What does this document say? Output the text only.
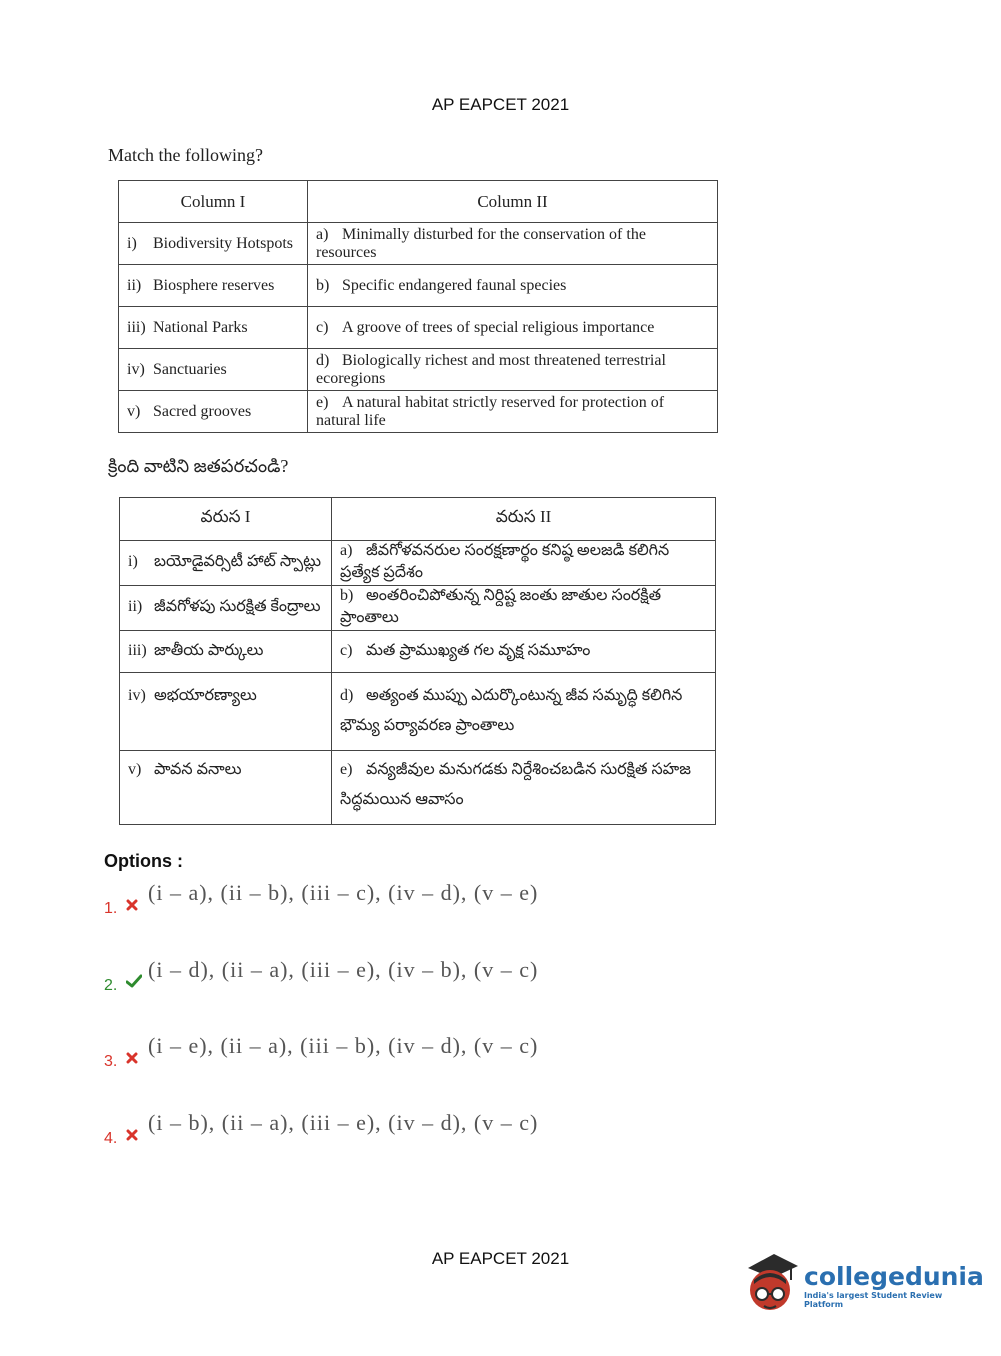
AP EAPCET 2021
Match the following?
Column I	Column II
i) Biodiversity Hotspots	a) Minimally disturbed for the conservation of the resources
ii) Biosphere reserves	b) Specific endangered faunal species
iii) National Parks	c) A groove of trees of special religious importance
iv) Sanctuaries	d) Biologically richest and most threatened terrestrial ecoregions
v) Sacred grooves	e) A natural habitat strictly reserved for protection of natural life
క్రింది వాటిని జతపరచండి?
వరుస I	వరుస II
i) బయోడైవర్సిటీ హాట్ స్పాట్లు	a) జీవగోళవనరుల సంరక్షణార్థం కనిష్ఠ అలజడి కలిగిన ప్రత్యేక ప్రదేశం
ii) జీవగోళపు సురక్షిత కేంద్రాలు	b) అంతరించిపోతున్న నిర్దిష్ట జంతు జాతుల సంరక్షిత ప్రాంతాలు
iii) జాతీయ పార్కులు	c) మత ప్రాముఖ్యత గల వృక్ష సమూహం
iv) అభయారణ్యాలు	d) అత్యంత ముప్పు ఎదుర్కొంటున్న జీవ సమృద్ధి కలిగిన భౌమ్య పర్యావరణ ప్రాంతాలు
v) పావన వనాలు	e) వన్యజీవుల మనుగడకు నిర్దేశించబడిన సురక్షిత సహజ సిద్ధమయిన ఆవాసం
Options :
1.
(i – a), (ii – b), (iii – c), (iv – d), (v – e)
2.
(i – d), (ii – a), (iii – e), (iv – b), (v – c)
3.
(i – e), (ii – a), (iii – b), (iv – d), (v – c)
4.
(i – b), (ii – a), (iii – e), (iv – d), (v – c)
AP EAPCET 2021
collegedunia
India's largest Student Review Platform
